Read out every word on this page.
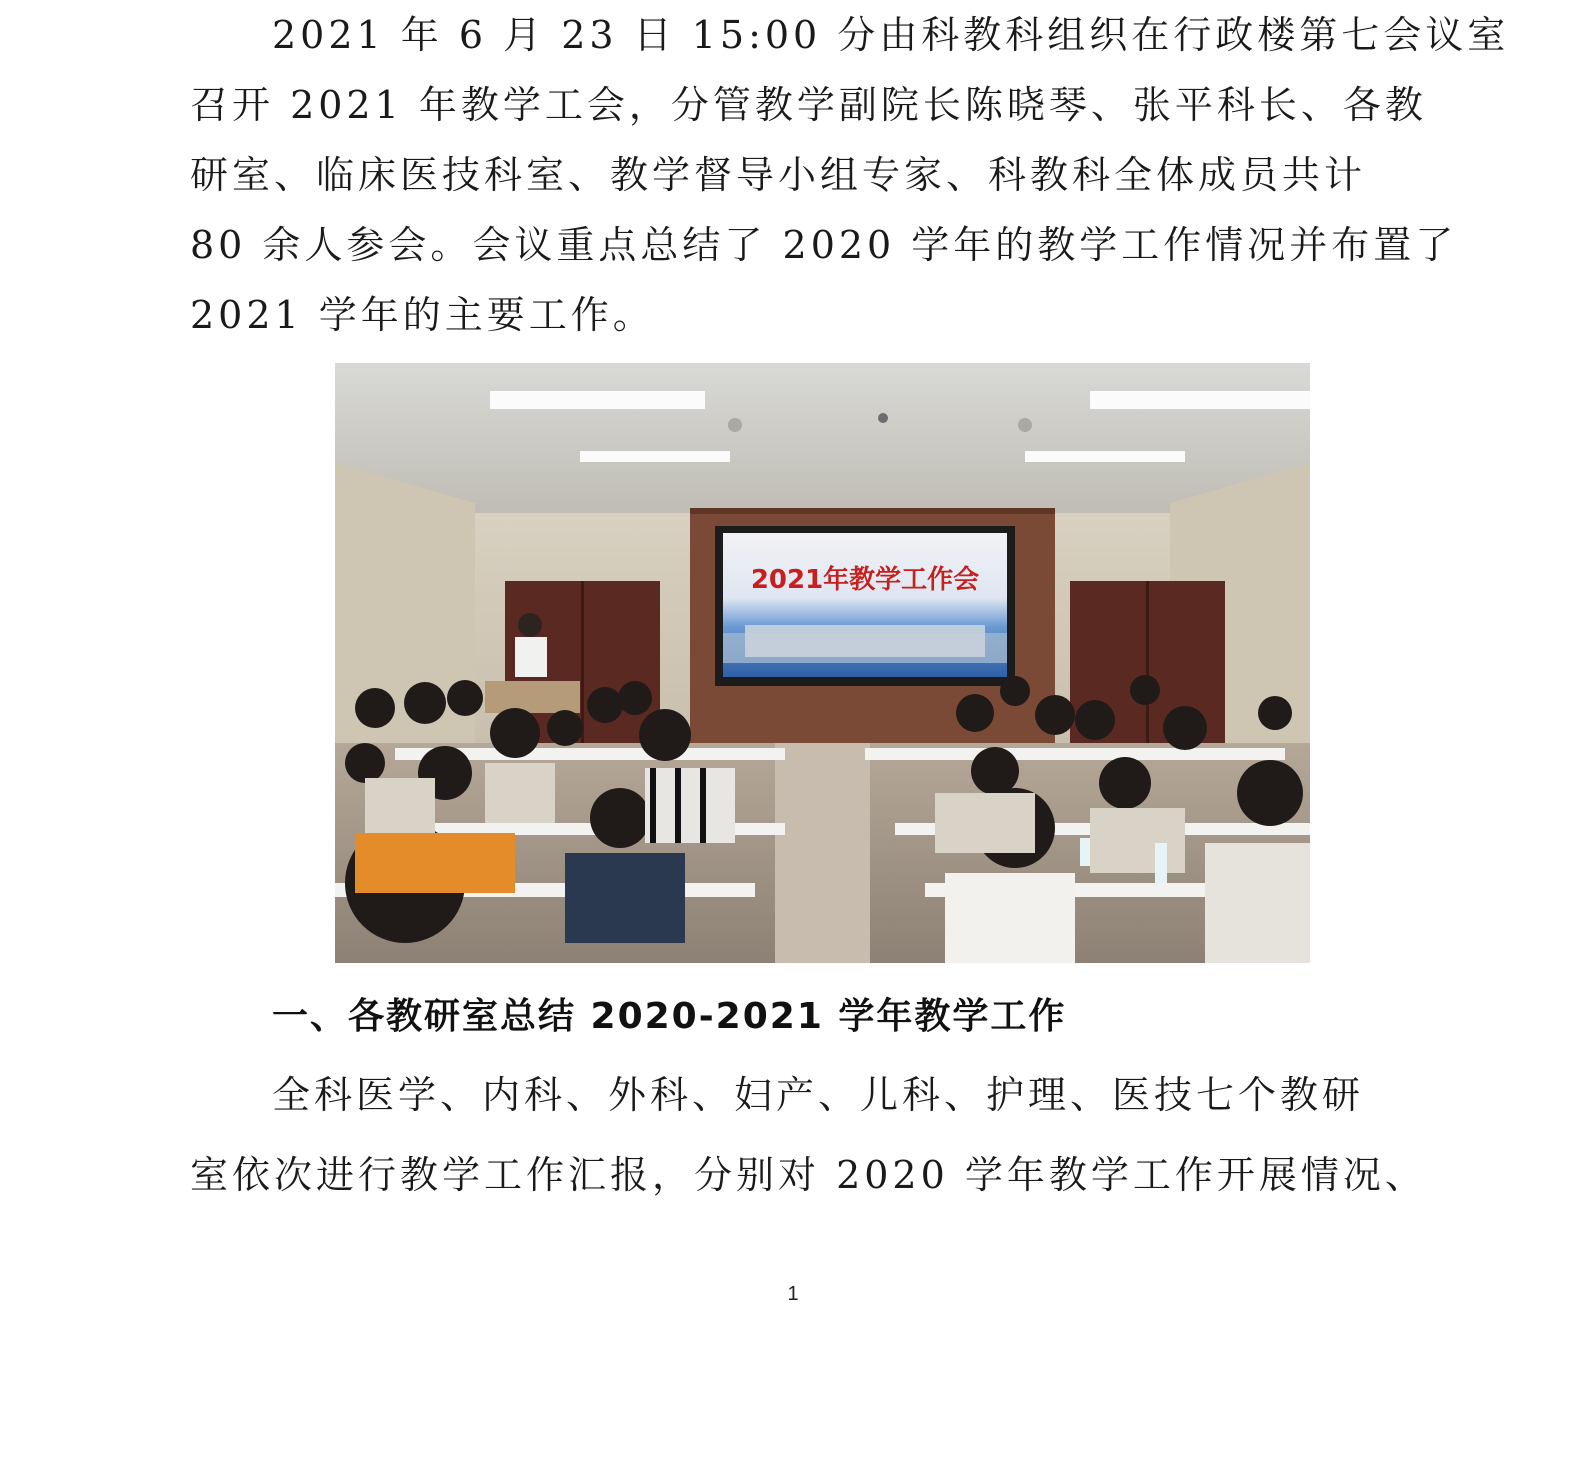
2021 年 6 月 23 日 15:00 分由科教科组织在行政楼第七会议室
召开 2021 年教学工会，分管教学副院长陈晓琴、张平科长、各教
研室、临床医技科室、教学督导小组专家、科教科全体成员共计
80 余人参会。会议重点总结了 2020 学年的教学工作情况并布置了
2021 学年的主要工作。
2021年教学工作会
一、各教研室总结 2020-2021 学年教学工作
全科医学、内科、外科、妇产、儿科、护理、医技七个教研
室依次进行教学工作汇报，分别对 2020 学年教学工作开展情况、
1
